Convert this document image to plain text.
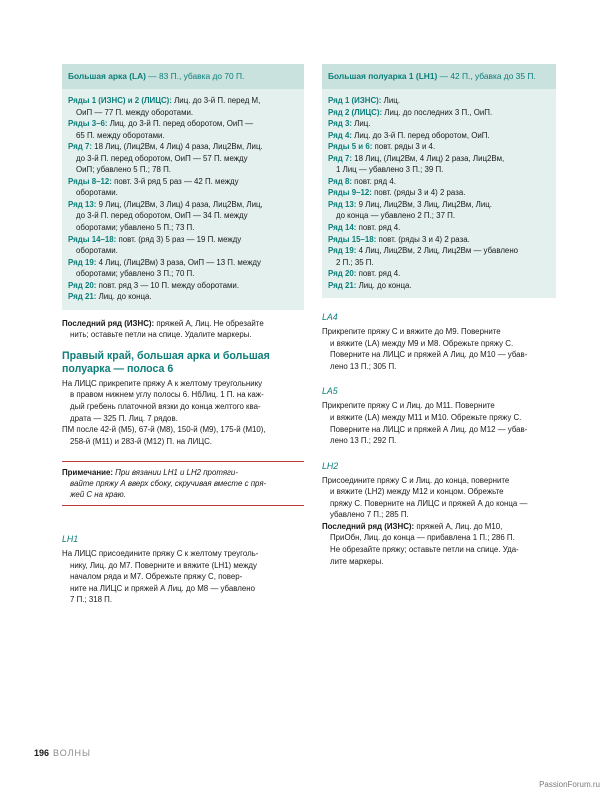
Большая арка (LA) — 83 П., убавка до 70 П.

Ряды 1 (ИЗНС) и 2 (ЛИЦС): Лиц. до 3-й П. перед М,
ОиП — 77 П. между оборотами.

Ряды 3–6: Лиц. до 3-й П. перед оборотом, ОиП —
65 П. между оборотами.

Ряд 7: 18 Лиц, (Лиц2Вм, 4 Лиц) 4 раза, Лиц2Вм, Лиц.
до 3-й П. перед оборотом, ОиП — 57 П. между
ОиП; убавлено 5 П.; 78 П.

Ряды 8–12: повт. 3-й ряд 5 раз — 42 П. между
оборотами.

Ряд 13: 9 Лиц, (Лиц2Вм, 3 Лиц) 4 раза, Лиц2Вм, Лиц,
до 3-й П. перед оборотом, ОиП — 34 П. между
оборотами; убавлено 5 П.; 73 П.

Ряды 14–18: повт. (ряд 3) 5 раз — 19 П. между
оборотами.

Ряд 19: 4 Лиц, (Лиц2Вм) 3 раза, ОиП — 13 П. между
оборотами; убавлено 3 П.; 70 П.

Ряд 20: повт. ряд 3 — 10 П. между оборотами.

Ряд 21: Лиц. до конца.

Последний ряд (ИЗНС): пряжей А, Лиц. Не обрезайте
нить; оставьте петли на спице. Удалите маркеры.

Правый край, большая арка и большая
полуарка — полоса 6

На ЛИЦС прикрепите пряжу А к желтому треугольнику

в правом нижнем углу полосы 6. НбЛиц. 1 П. на каж-

дый гребень платочной вязки до конца желтого ква-

драта — 325 П. Лиц. 7 рядов.

ПМ после 42-й (М5), 67-й (М8), 150-й (М9), 175-й (М10),

258-й (М11) и 283-й (М12) П. на ЛИЦС.

Примечание: При вязании LH1 и LH2 протяги-
вайте пряжу А вверх сбоку, скручивая вместе с пря-
жей С на краю.

LH1

На ЛИЦС присоедините пряжу С к желтому треуголь-

нику, Лиц. до М7. Поверните и вяжите (LH1) между

началом ряда и М7. Обрежьте пряжу С, повер-

ните на ЛИЦС и пряжей А Лиц. до М8 — убавлено

7 П.; 318 П.

Большая полуарка 1 (LH1) — 42 П., убавка до 35 П.

Ряд 1 (ИЗНС): Лиц.

Ряд 2 (ЛИЦС): Лиц. до последних 3 П., ОиП.

Ряд 3: Лиц.

Ряд 4: Лиц. до 3-й П. перед оборотом, ОиП.

Ряды 5 и 6: повт. ряды 3 и 4.

Ряд 7: 18 Лиц, (Лиц2Вм, 4 Лиц) 2 раза, Лиц2Вм,
1 Лиц — убавлено 3 П.; 39 П.

Ряд 8: повт. ряд 4.

Ряды 9–12: повт. (ряды 3 и 4) 2 раза.

Ряд 13: 9 Лиц, Лиц2Вм, 3 Лиц, Лиц2Вм, Лиц.
до конца — убавлено 2 П.; 37 П.

Ряд 14: повт. ряд 4.

Ряды 15–18: повт. (ряды 3 и 4) 2 раза.

Ряд 19: 4 Лиц, Лиц2Вм, 2 Лиц, Лиц2Вм — убавлено
2 П.; 35 П.

Ряд 20: повт. ряд 4.

Ряд 21: Лиц. до конца.

LA4

Прикрепите пряжу С и вяжите до М9. Поверните

и вяжите (LA) между М9 и М8. Обрежьте пряжу С.

Поверните на ЛИЦС и пряжей А Лиц. до М10 — убав-

лено 13 П.; 305 П.

LA5

Прикрепите пряжу С и Лиц. до М11. Поверните

и вяжите (LA) между М11 и М10. Обрежьте пряжу С.

Поверните на ЛИЦС и пряжей А Лиц. до М12 — убав-

лено 13 П.; 292 П.

LH2

Присоедините пряжу С и Лиц. до конца, поверните

и вяжите (LH2) между М12 и концом. Обрежьте

пряжу С. Поверните на ЛИЦС и пряжей А до конца —

убавлено 7 П.; 285 П.

Последний ряд (ИЗНС): пряжей А, Лиц. до М10,

ПриОбн, Лиц. до конца — прибавлена 1 П.; 286 П.

Не обрезайте пряжу; оставьте петли на спице. Уда-

лите маркеры.

196 ВОЛНЫ
PassionForum.ru
